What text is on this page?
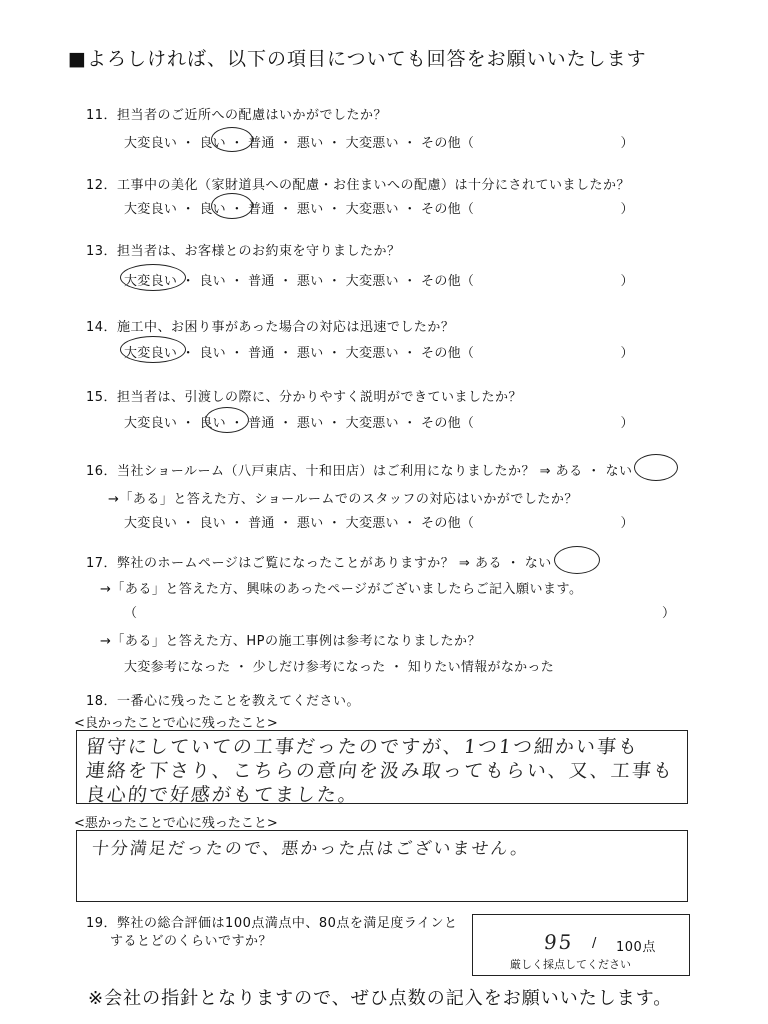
■よろしければ、以下の項目についても回答をお願いいたします
11．担当者のご近所への配慮はいかがでしたか？
大変良い ・ 良い ・ 普通 ・ 悪い ・ 大変悪い ・ その他（　　　　　　　　　　　）
12．工事中の美化（家財道具への配慮・お住まいへの配慮）は十分にされていましたか？
大変良い ・ 良い ・ 普通 ・ 悪い ・ 大変悪い ・ その他（　　　　　　　　　　　）
13．担当者は、お客様とのお約束を守りましたか？
大変良い ・ 良い ・ 普通 ・ 悪い ・ 大変悪い ・ その他（　　　　　　　　　　　）
14．施工中、お困り事があった場合の対応は迅速でしたか？
大変良い ・ 良い ・ 普通 ・ 悪い ・ 大変悪い ・ その他（　　　　　　　　　　　）
15．担当者は、引渡しの際に、分かりやすく説明ができていましたか？
大変良い ・ 良い ・ 普通 ・ 悪い ・ 大変悪い ・ その他（　　　　　　　　　　　）
16．当社ショールーム（八戸東店、十和田店）はご利用になりましたか？ ⇒ ある ・ ない
→「ある」と答えた方、ショールームでのスタッフの対応はいかがでしたか？
大変良い ・ 良い ・ 普通 ・ 悪い ・ 大変悪い ・ その他（　　　　　　　　　　　）
17．弊社のホームページはご覧になったことがありますか？ ⇒ ある ・ ない
→「ある」と答えた方、興味のあったページがございましたらご記入願います。
（	）
→「ある」と答えた方、HPの施工事例は参考になりましたか？
大変参考になった ・ 少しだけ参考になった ・ 知りたい情報がなかった
18．一番心に残ったことを教えてください。
<良かったことで心に残ったこと>
留守にしていての工事だったのですが、1つ1つ細かい事も
連絡を下さり、こちらの意向を汲み取ってもらい、又、工事も
良心的で好感がもてました。
<悪かったことで心に残ったこと>
十分満足だったので、悪かった点はございません。
19．弊社の総合評価は100点満点中、80点を満足度ラインと
するとどのくらいですか？	95 / 100点
厳しく採点してください
※会社の指針となりますので、ぜひ点数の記入をお願いいたします。
